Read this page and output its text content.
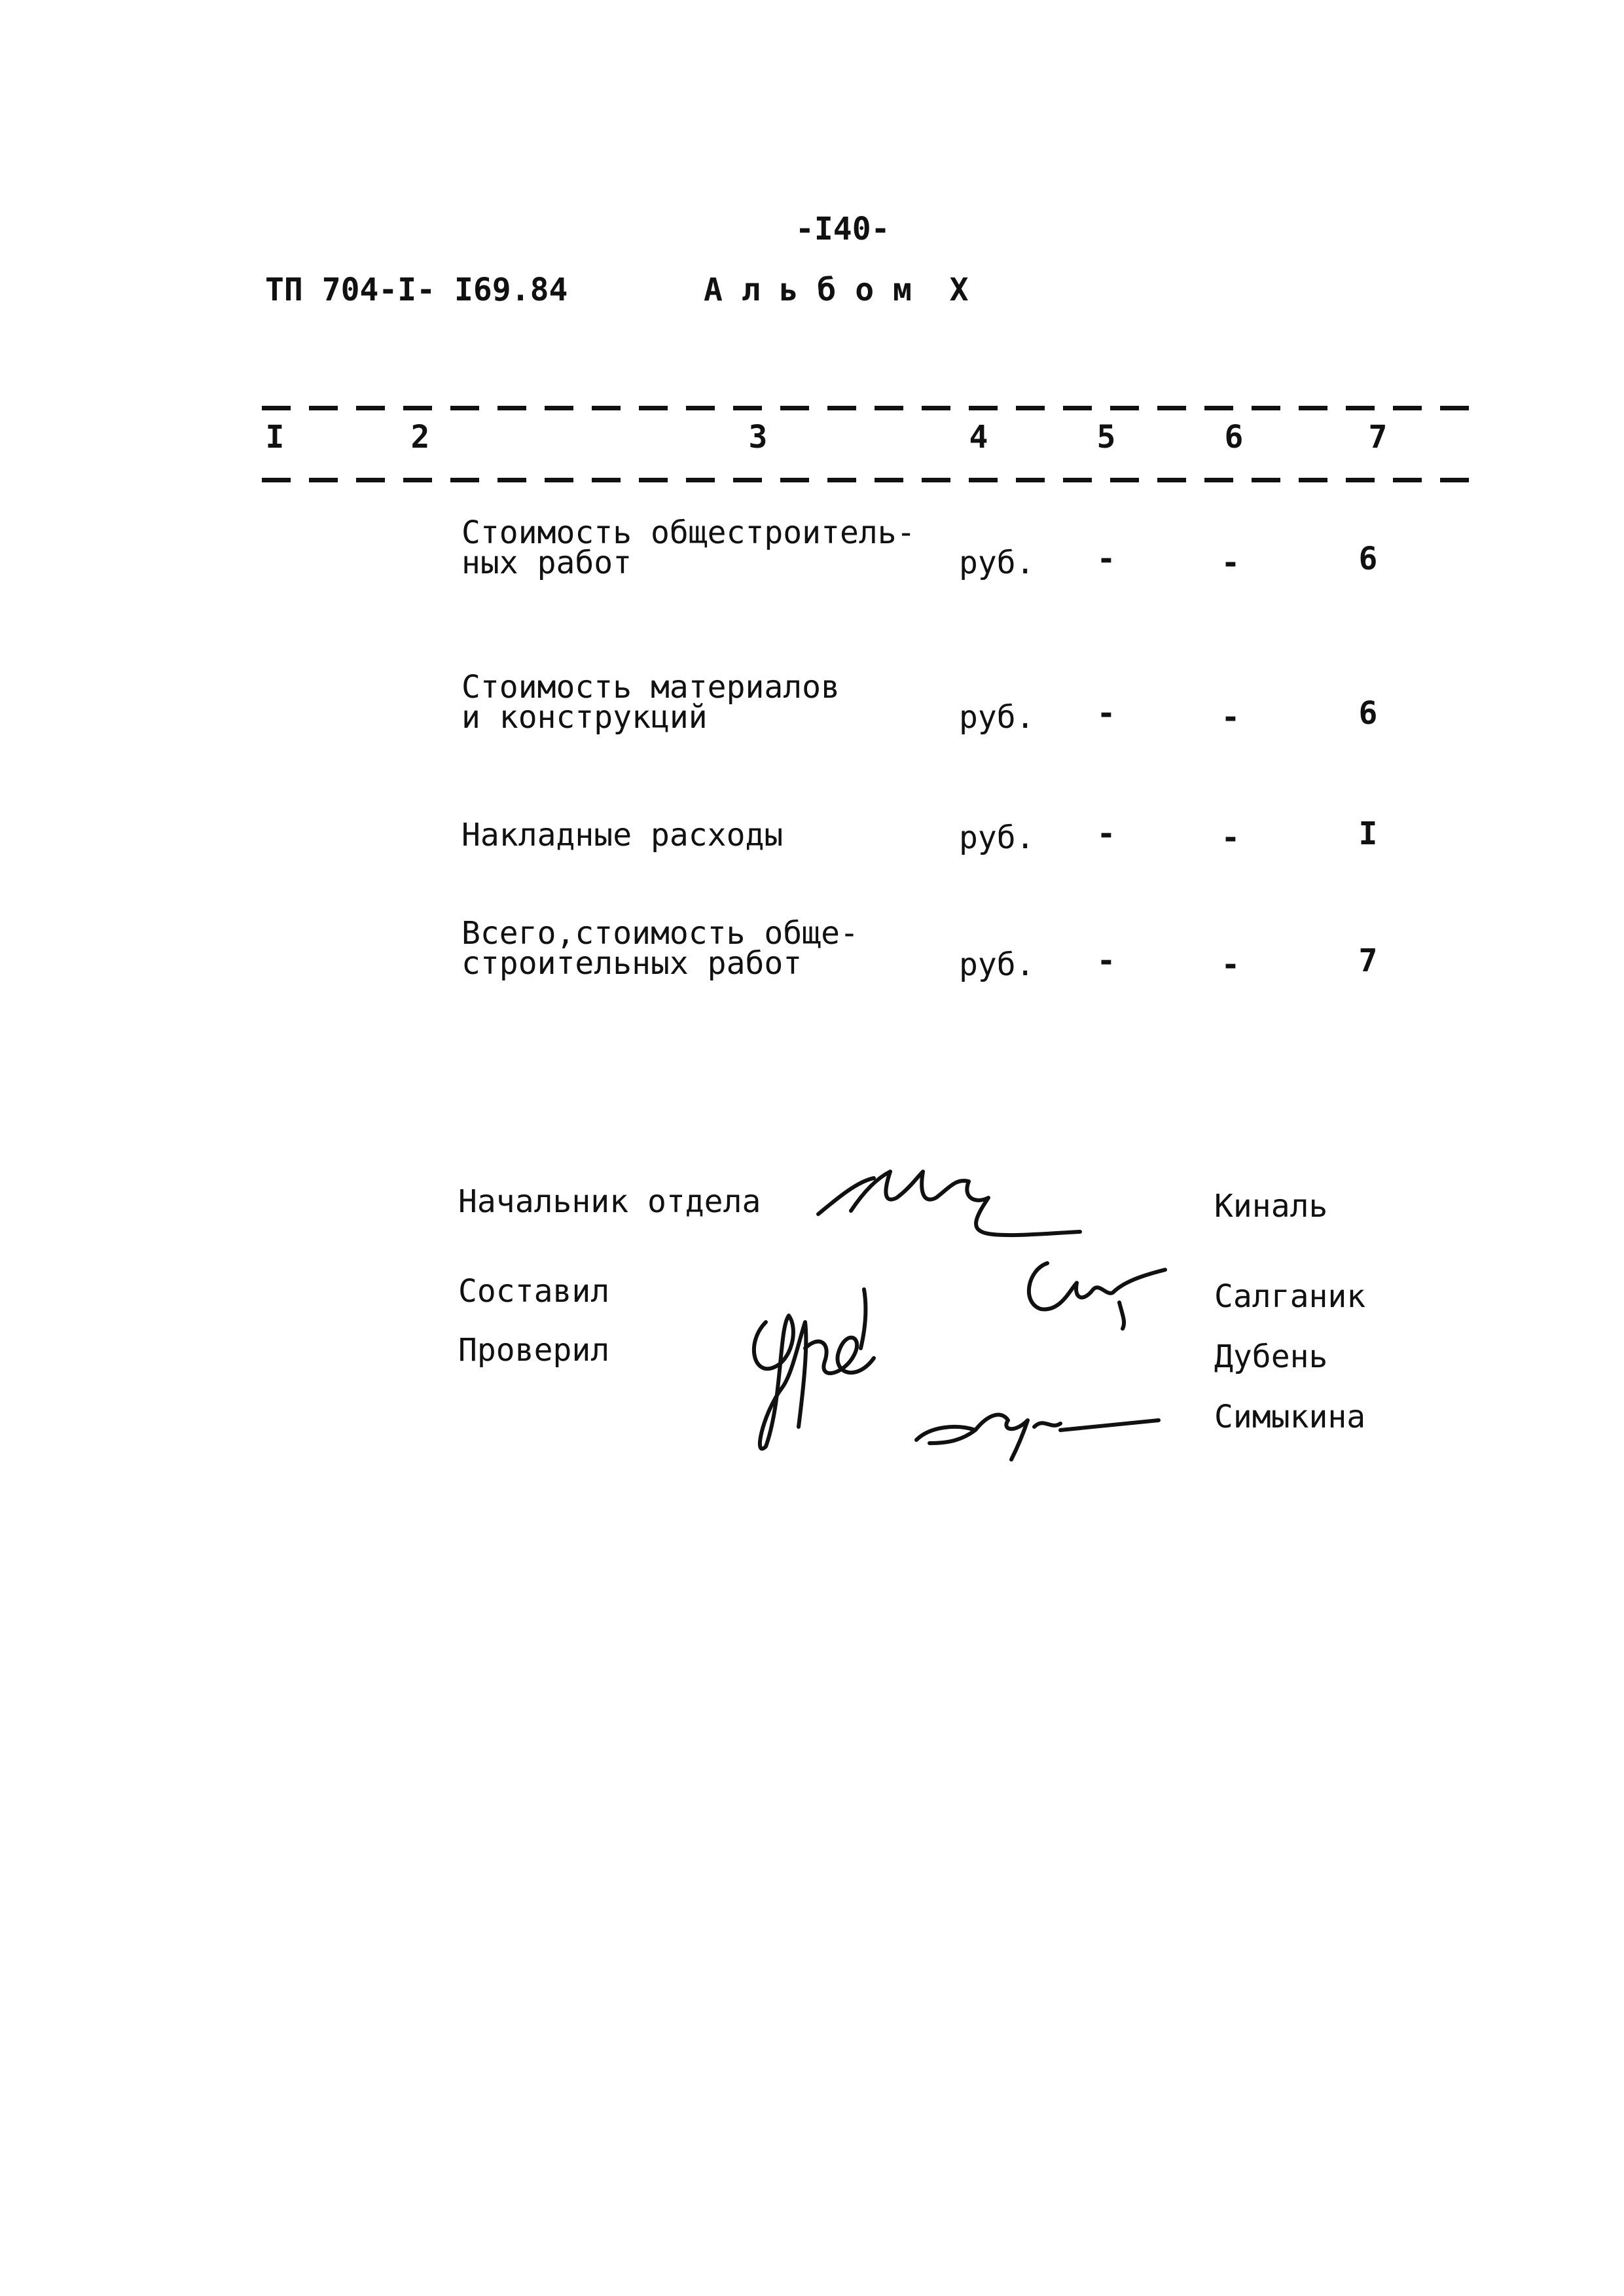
-I40-
ТП 704-I- I69.84	А л ь б о м  X
I	2	3	4	5	6	7
Стоимость общестроитель-
ных работ	руб.	-	-	6
Стоимость материалов
и конструкций	руб.	-	-	6
Накладные расходы	руб.	-	-	I
Всего,стоимость обще-
строительных работ	руб.	-	-	7
Начальник отдела	Киналь
Составил	Салганик
Проверил	Дубень
Симыкина
